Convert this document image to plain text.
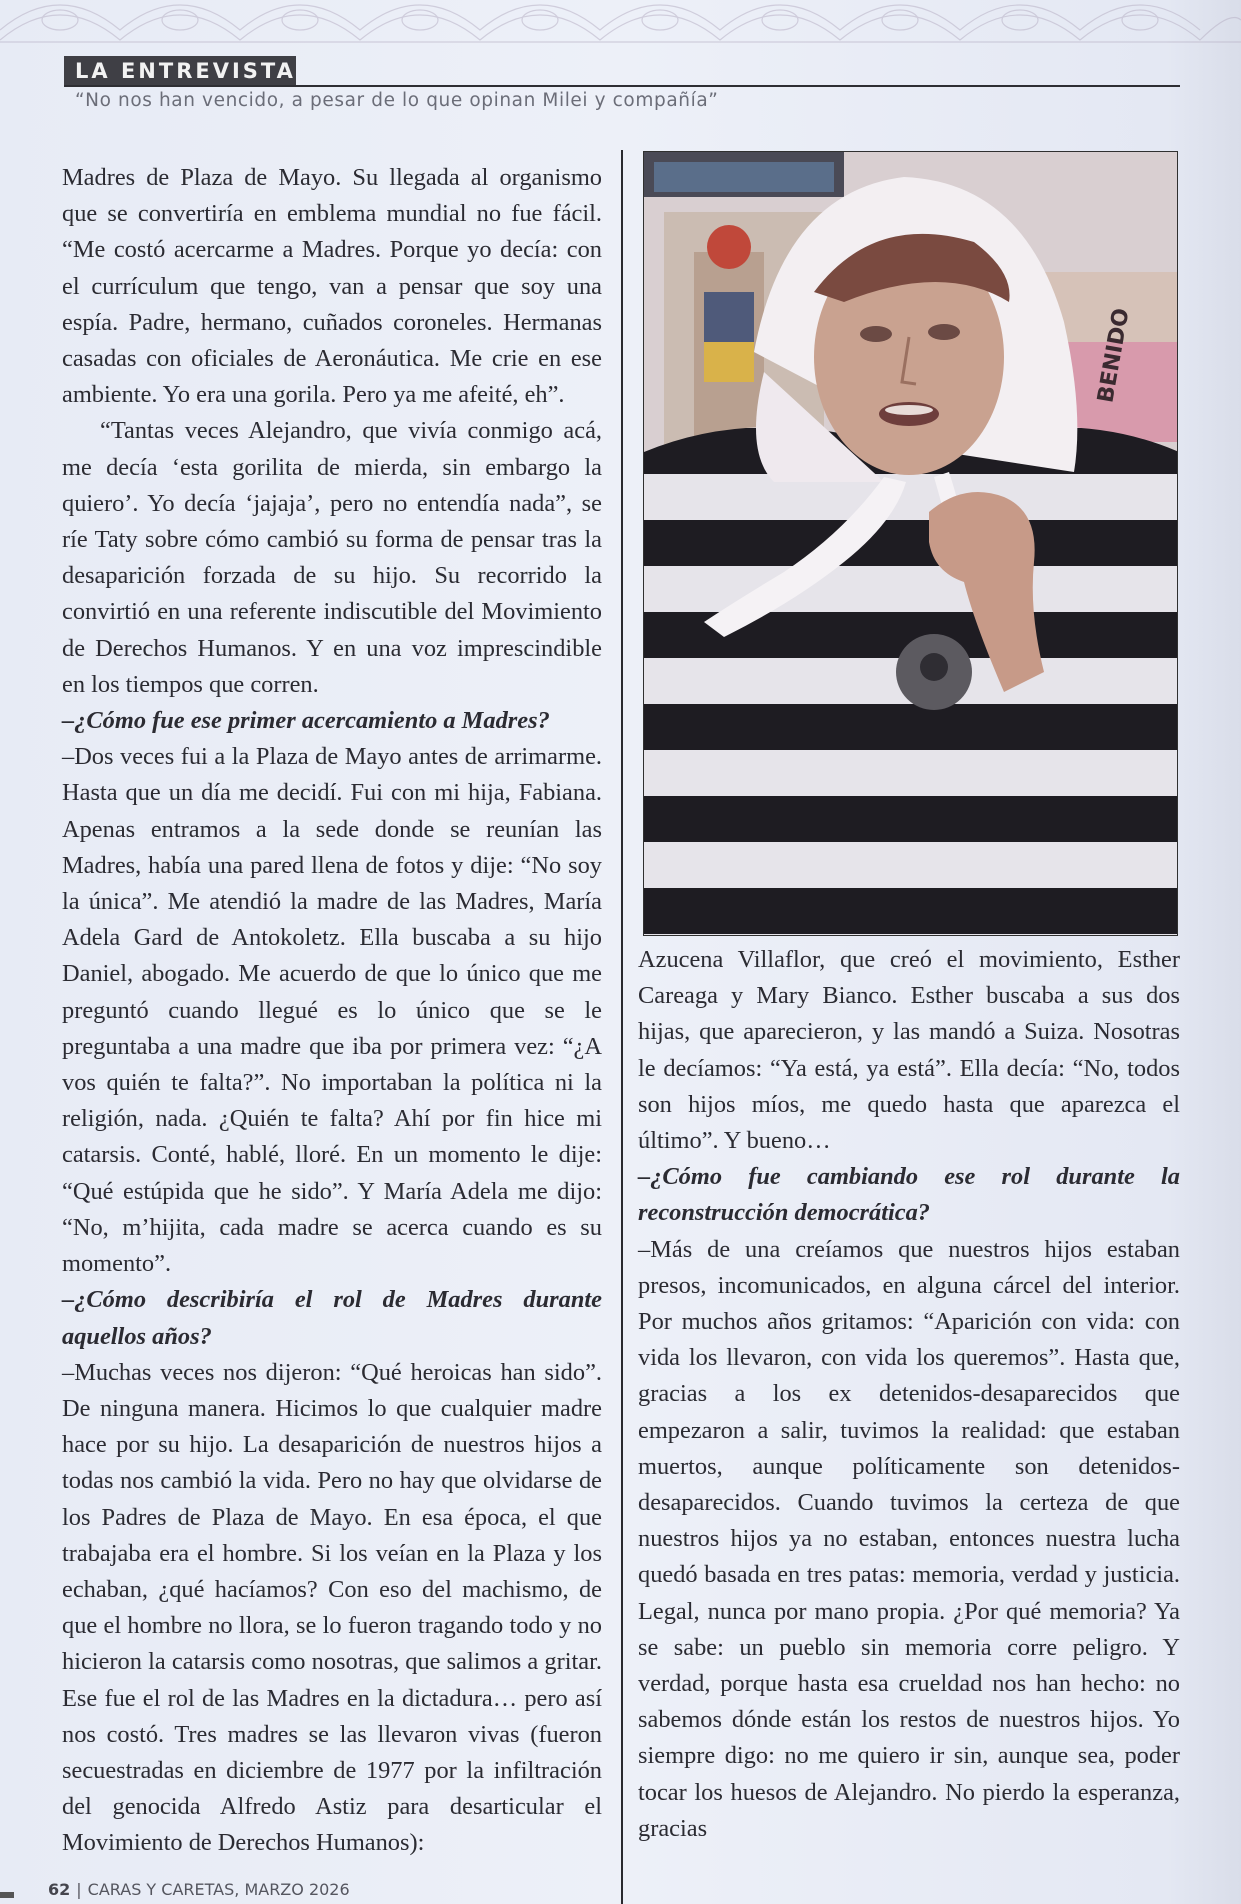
LA ENTREVISTA
“No nos han vencido, a pesar de lo que opinan Milei y compañía”

Madres de Plaza de Mayo. Su llegada al organismo que se convertiría en emblema mundial no fue fácil. “Me costó acercarme a Madres. Porque yo decía: con el currículum que tengo, van a pensar que soy una espía. Padre, hermano, cuñados coroneles. Hermanas casadas con oficiales de Aeronáutica. Me crie en ese ambiente. Yo era una gorila. Pero ya me afeité, eh”.

“Tantas veces Alejandro, que vivía conmigo acá, me decía ‘esta gorilita de mierda, sin embargo la quiero’. Yo decía ‘jajaja’, pero no entendía nada”, se ríe Taty sobre cómo cambió su forma de pensar tras la desaparición forzada de su hijo. Su recorrido la convirtió en una referente indiscutible del Movimiento de Derechos Humanos. Y en una voz imprescindible en los tiempos que corren.

–¿Cómo fue ese primer acercamiento a Madres?

–Dos veces fui a la Plaza de Mayo antes de arrimarme. Hasta que un día me decidí. Fui con mi hija, Fabiana. Apenas entramos a la sede donde se reunían las Madres, había una pared llena de fotos y dije: “No soy la única”. Me atendió la madre de las Madres, María Adela Gard de Antokoletz. Ella buscaba a su hijo Daniel, abogado. Me acuerdo de que lo único que me preguntó cuando llegué es lo único que se le preguntaba a una madre que iba por primera vez: “¿A vos quién te falta?”. No importaban la política ni la religión, nada. ¿Quién te falta? Ahí por fin hice mi catarsis. Conté, hablé, lloré. En un momento le dije: “Qué estúpida que he sido”. Y María Adela me dijo: “No, m’hijita, cada madre se acerca cuando es su momento”.

–¿Cómo describiría el rol de Madres durante aquellos años?

–Muchas veces nos dijeron: “Qué heroicas han sido”. De ninguna manera. Hicimos lo que cualquier madre hace por su hijo. La desaparición de nuestros hijos a todas nos cambió la vida. Pero no hay que olvidarse de los Padres de Plaza de Mayo. En esa época, el que trabajaba era el hombre. Si los veían en la Plaza y los echaban, ¿qué hacíamos? Con eso del machismo, de que el hombre no llora, se lo fueron tragando todo y no hicieron la catarsis como nosotras, que salimos a gritar. Ese fue el rol de las Madres en la dictadura… pero así nos costó. Tres madres se las llevaron vivas (fueron secuestradas en diciembre de 1977 por la infiltración del genocida Alfredo Astiz para desarticular el Movimiento de Derechos Humanos):

BENIDO

Azucena Villaflor, que creó el movimiento, Esther Careaga y Mary Bianco. Esther buscaba a sus dos hijas, que aparecieron, y las mandó a Suiza. Nosotras le decíamos: “Ya está, ya está”. Ella decía: “No, todos son hijos míos, me quedo hasta que aparezca el último”. Y bueno…

–¿Cómo fue cambiando ese rol durante la reconstrucción democrática?

–Más de una creíamos que nuestros hijos estaban presos, incomunicados, en alguna cárcel del interior. Por muchos años gritamos: “Aparición con vida: con vida los llevaron, con vida los queremos”. Hasta que, gracias a los ex detenidos-desaparecidos que empezaron a salir, tuvimos la realidad: que estaban muertos, aunque políticamente son detenidos-desaparecidos. Cuando tuvimos la certeza de que nuestros hijos ya no estaban, entonces nuestra lucha quedó basada en tres patas: memoria, verdad y justicia. Legal, nunca por mano propia. ¿Por qué memoria? Ya se sabe: un pueblo sin memoria corre peligro. Y verdad, porque hasta esa crueldad nos han hecho: no sabemos dónde están los restos de nuestros hijos. Yo siempre digo: no me quiero ir sin, aunque sea, poder tocar los huesos de Alejandro. No pierdo la esperanza, gracias

62 | CARAS Y CARETAS, MARZO 2026
